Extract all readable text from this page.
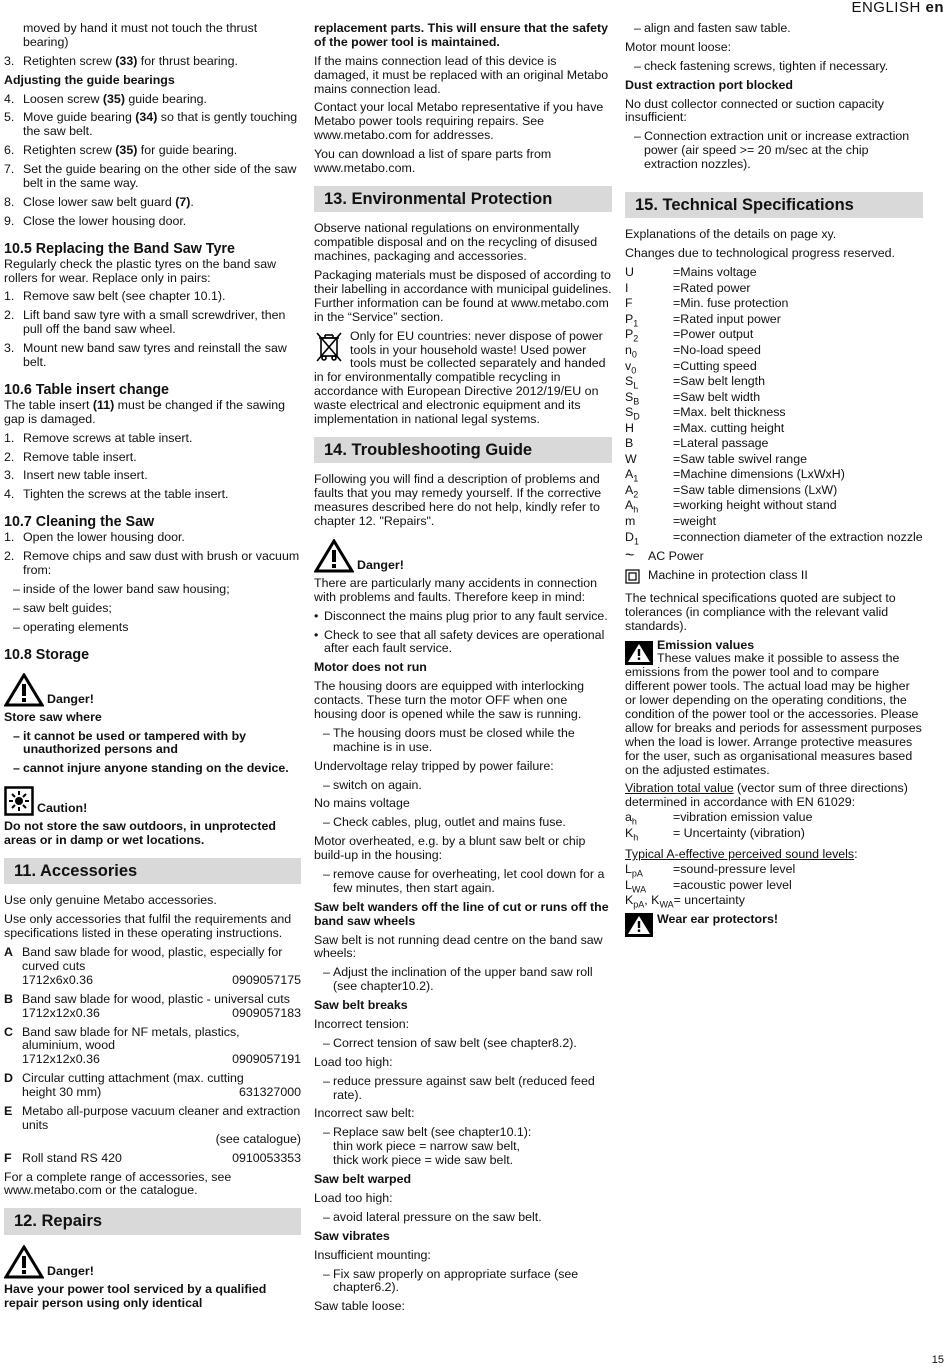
ENGLISH en

moved by hand it must not touch the thrust bearing)

3. Retighten screw (33) for thrust bearing.

Adjusting the guide bearings

4. Loosen screw (35) guide bearing.
5. Move guide bearing (34) so that is gently touching the saw belt.
6. Retighten screw (35) for guide bearing.
7. Set the guide bearing on the other side of the saw belt in the same way.
8. Close lower saw belt guard (7).
9. Close the lower housing door.
10.5 Replacing the Band Saw Tyre

Regularly check the plastic tyres on the band saw rollers for wear. Replace only in pairs:

1. Remove saw belt (see chapter 10.1).
2. Lift band saw tyre with a small screwdriver, then pull off the band saw wheel.
3. Mount new band saw tyres and reinstall the saw belt.
10.6 Table insert change

The table insert (11) must be changed if the sawing gap is damaged.

1. Remove screws at table insert.
2. Remove table insert.
3. Insert new table insert.
4. Tighten the screws at the table insert.
10.7 Cleaning the Saw
1. Open the lower housing door.
2. Remove chips and saw dust with brush or vacuum from:
– inside of the lower band saw housing;
– saw belt guides;
– operating elements
10.8 Storage
Danger!

Store saw where

– it cannot be used or tampered with by unauthorized persons and
– cannot injure anyone standing on the device.
Caution!

Do not store the saw outdoors, in unprotected areas or in damp or wet locations.

11. Accessories

Use only genuine Metabo accessories.

Use only accessories that fulfil the requirements and specifications listed in these operating instructions.

A Band saw blade for wood, plastic, especially for curved cuts
1712x6x0.36	0909057175
B Band saw blade for wood, plastic - universal cuts
1712x12x0.36	0909057183
C Band saw blade for NF metals, plastics, aluminium, wood
1712x12x0.36	0909057191
D Circular cutting attachment (max. cutting
height 30 mm)	631327000
E Metabo all-purpose vacuum cleaner and extraction units
(see catalogue)
F Roll stand RS 420	0910053353

For a complete range of accessories, see www.metabo.com or the catalogue.

12. Repairs
Danger!

Have your power tool serviced by a qualified repair person using only identical

replacement parts. This will ensure that the safety of the power tool is maintained.

If the mains connection lead of this device is damaged, it must be replaced with an original Metabo mains connection lead.

Contact your local Metabo representative if you have Metabo power tools requiring repairs. See www.metabo.com for addresses.

You can download a list of spare parts from www.metabo.com.

13. Environmental Protection

Observe national regulations on environmentally compatible disposal and on the recycling of disused machines, packaging and accessories.

Packaging materials must be disposed of according to their labelling in accordance with municipal guidelines. Further information can be found at www.metabo.com in the “Service” section.

Only for EU countries: never dispose of power tools in your household waste! Used power tools must be collected separately and handed in for environmentally compatible recycling in accordance with European Directive 2012/19/EU on waste electrical and electronic equipment and its implementation in national legal systems.

14. Troubleshooting Guide

Following you will find a description of problems and faults that you may remedy yourself. If the corrective measures described here do not help, kindly refer to chapter 12. "Repairs".

Danger!

There are particularly many accidents in connection with problems and faults. Therefore keep in mind:

• Disconnect the mains plug prior to any fault service.
• Check to see that all safety devices are operational after each fault service.

Motor does not run

The housing doors are equipped with interlocking contacts. These turn the motor OFF when one housing door is opened while the saw is running.

– The housing doors must be closed while the machine is in use.

Undervoltage relay tripped by power failure:

– switch on again.

No mains voltage

– Check cables, plug, outlet and mains fuse.

Motor overheated, e.g. by a blunt saw belt or chip build-up in the housing:

– remove cause for overheating, let cool down for a few minutes, then start again.

Saw belt wanders off the line of cut or runs off the band saw wheels

Saw belt is not running dead centre on the band saw wheels:

– Adjust the inclination of the upper band saw roll (see chapter10.2).

Saw belt breaks

Incorrect tension:

– Correct tension of saw belt (see chapter8.2).

Load too high:

– reduce pressure against saw belt (reduced feed rate).

Incorrect saw belt:

– Replace saw belt (see chapter10.1):
thin work piece = narrow saw belt,
thick work piece = wide saw belt.

Saw belt warped

Load too high:

– avoid lateral pressure on the saw belt.

Saw vibrates

Insufficient mounting:

– Fix saw properly on appropriate surface (see chapter6.2).

Saw table loose:

– align and fasten saw table.

Motor mount loose:

– check fastening screws, tighten if necessary.

Dust extraction port blocked

No dust collector connected or suction capacity insufficient:

– Connection extraction unit or increase extraction power (air speed >= 20 m/sec at the chip extraction nozzles).
15. Technical Specifications

Explanations of the details on page xy.

Changes due to technological progress reserved.

U	=Mains voltage
I	=Rated power
F	=Min. fuse protection
$P_1$	=Rated input power
$P_2$	=Power output
$n_0$	=No-load speed
$v_0$	=Cutting speed
$S_L$	=Saw belt length
$S_B$	=Saw belt width
$S_D$	=Max. belt thickness
H	=Max. cutting height
B	=Lateral passage
W	=Saw table swivel range
$A_1$	=Machine dimensions (LxWxH)
$A_2$	=Saw table dimensions (LxW)
$A_h$	=working height without stand
m	=weight
$D_1$	=connection diameter of the extraction nozzle
~	AC Power
Machine in protection class II

The technical specifications quoted are subject to tolerances (in compliance with the relevant valid standards).

Emission values
These values make it possible to assess the emissions from the power tool and to compare different power tools. The actual load may be higher or lower depending on the operating conditions, the condition of the power tool or the accessories. Please allow for breaks and periods for assessment purposes when the load is lower. Arrange protective measures for the user, such as organisational measures based on the adjusted estimates.

Vibration total value (vector sum of three directions) determined in accordance with EN 61029:

$a_h$	=vibration emission value
$K_h$	= Uncertainty (vibration)

Typical A-effective perceived sound levels:

$L_{pA}$	=sound-pressure level
$L_{WA}$	=acoustic power level
$K_{pA}$, $K_{WA}=$ uncertainty
Wear ear protectors!
15
